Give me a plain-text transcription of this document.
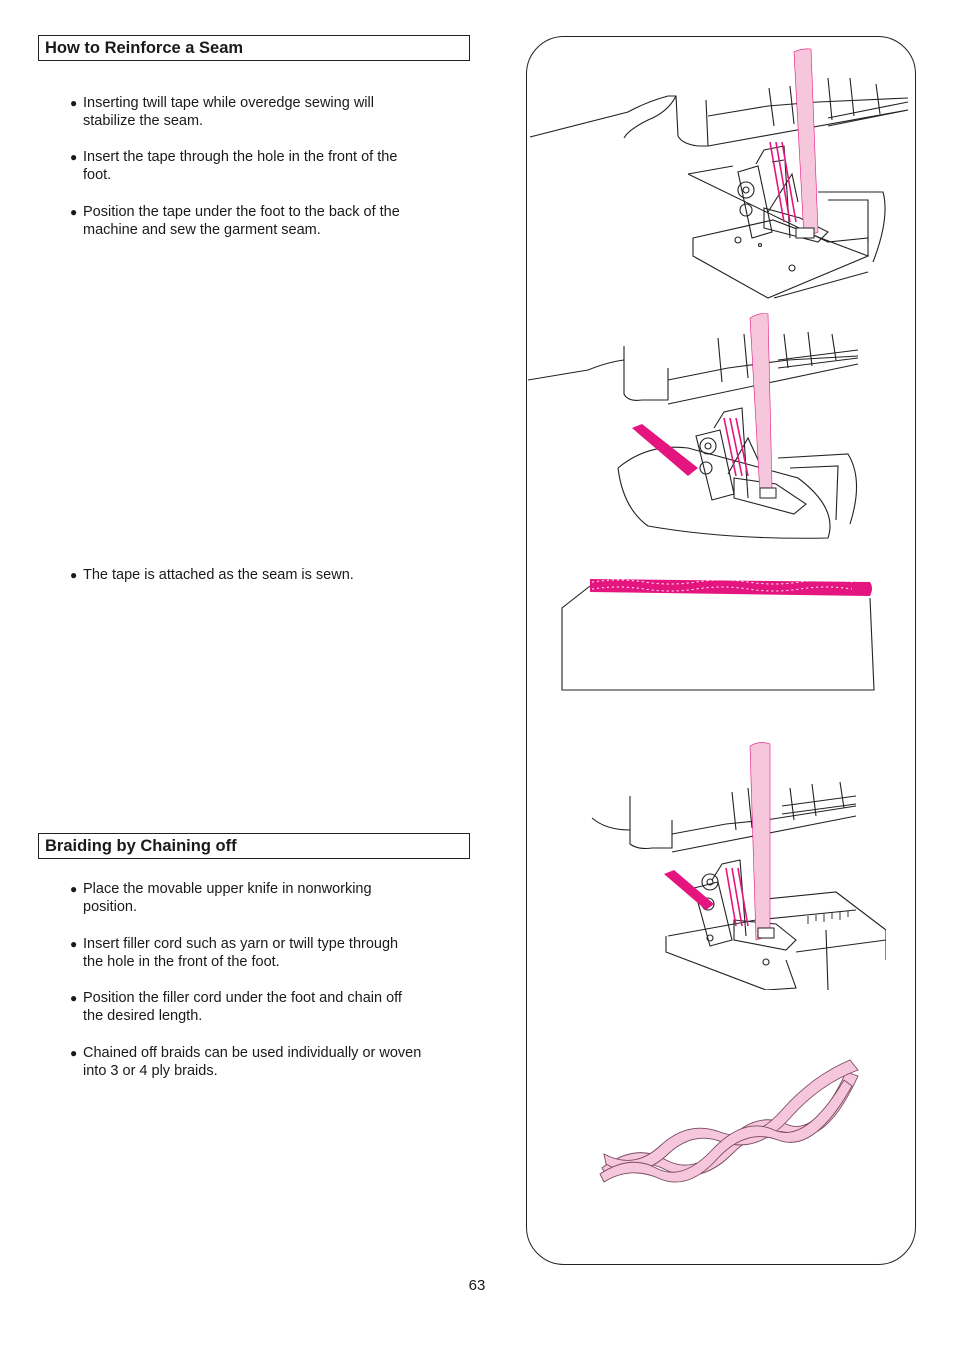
How to Reinforce a Seam
● Inserting twill tape while overedge sewing will
stabilize the seam.
● Insert the tape through the hole in the front of the
foot.
● Position the tape under the foot to the back of the
machine and sew the garment seam.
● The tape is attached as the seam is sewn.
Braiding by Chaining off
● Place the movable upper knife in nonworking
position.
● Insert filler cord such as yarn or twill type through
the hole in the front of the foot.
● Position the filler cord under the foot and chain off
the desired length.
● Chained off braids can be used individually or woven
into 3 or 4 ply braids.
63
